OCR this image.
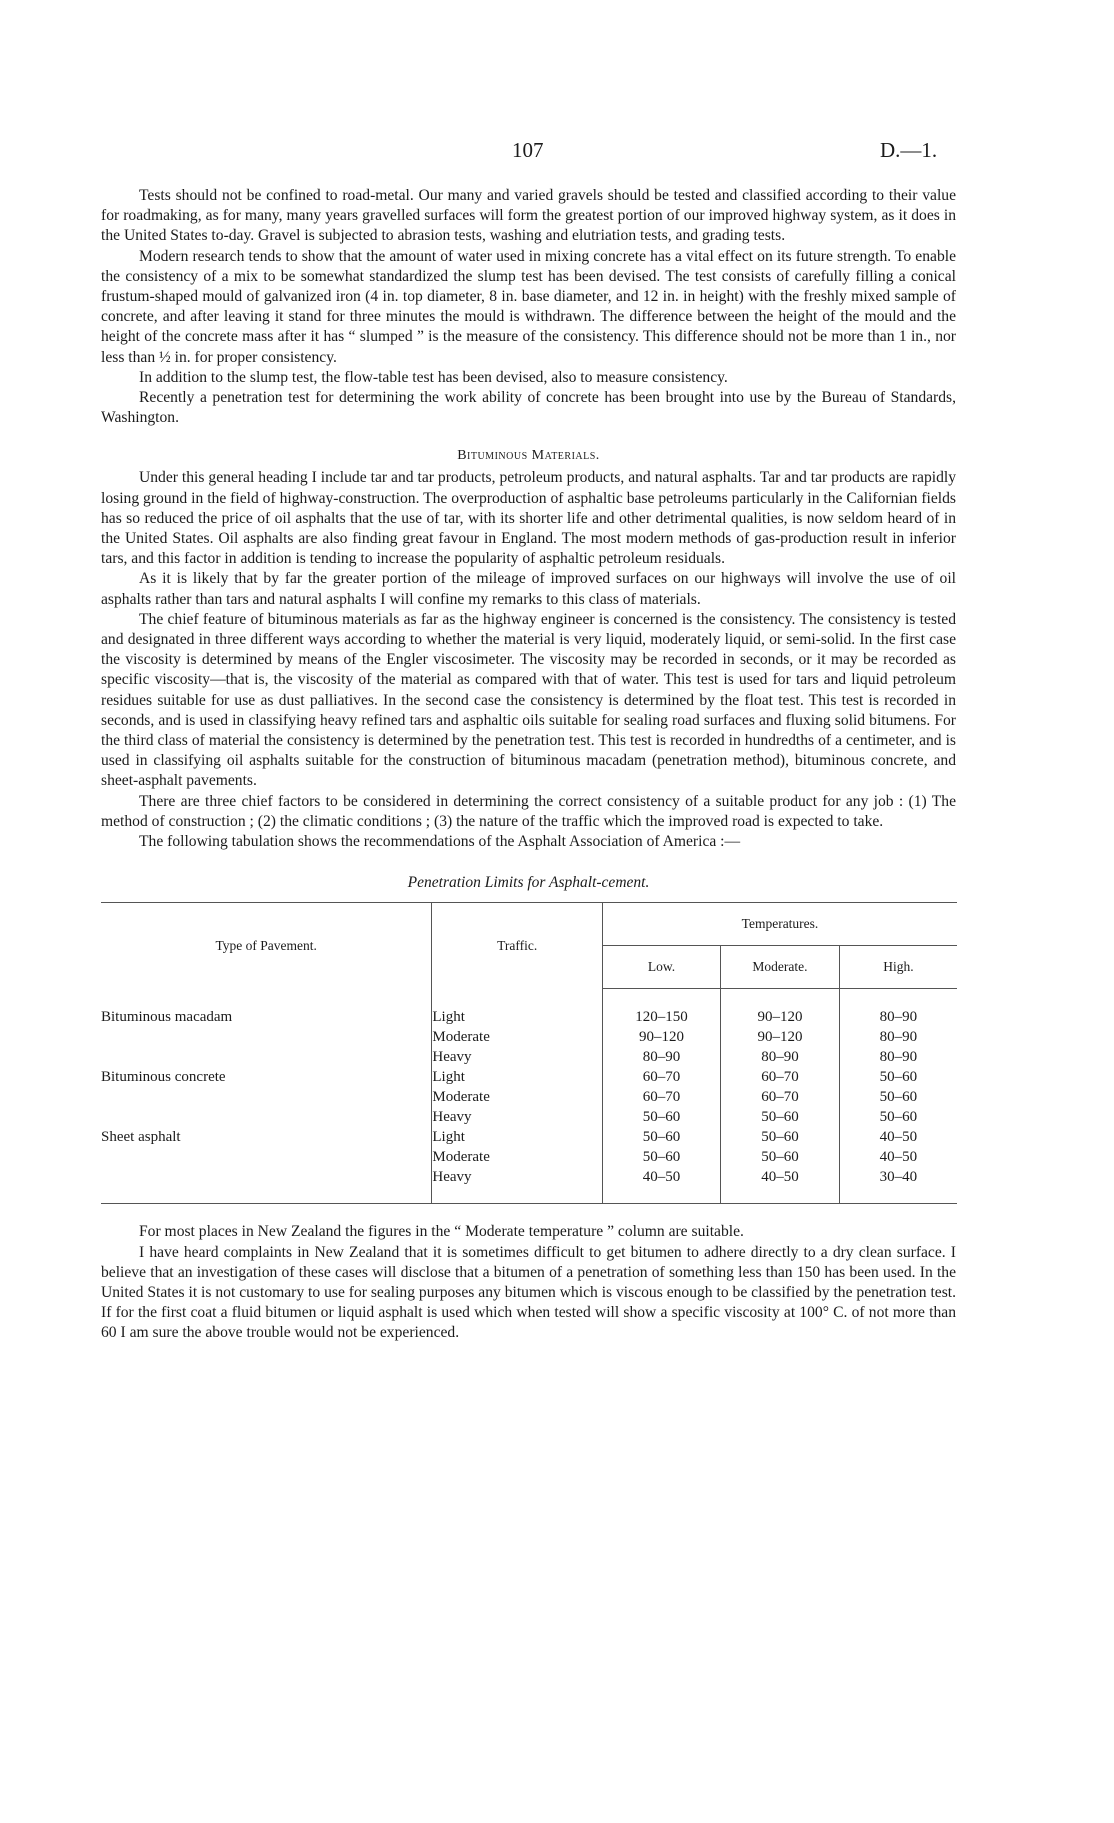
107	D.—1.

Tests should not be confined to road-metal. Our many and varied gravels should be tested and classified according to their value for roadmaking, as for many, many years gravelled surfaces will form the greatest portion of our improved highway system, as it does in the United States to-day. Gravel is subjected to abrasion tests, washing and elutriation tests, and grading tests.

Modern research tends to show that the amount of water used in mixing concrete has a vital effect on its future strength. To enable the consistency of a mix to be somewhat standardized the slump test has been devised. The test consists of carefully filling a conical frustum-shaped mould of galvanized iron (4 in. top diameter, 8 in. base diameter, and 12 in. in height) with the freshly mixed sample of concrete, and after leaving it stand for three minutes the mould is withdrawn. The difference between the height of the mould and the height of the concrete mass after it has “ slumped ” is the measure of the consistency. This difference should not be more than 1 in., nor less than ½ in. for proper consistency.

In addition to the slump test, the flow-table test has been devised, also to measure consistency.

Recently a penetration test for determining the work ability of concrete has been brought into use by the Bureau of Standards, Washington.

Bituminous Materials.

Under this general heading I include tar and tar products, petroleum products, and natural asphalts. Tar and tar products are rapidly losing ground in the field of highway-construction. The overproduction of asphaltic base petroleums particularly in the Californian fields has so reduced the price of oil asphalts that the use of tar, with its shorter life and other detrimental qualities, is now seldom heard of in the United States. Oil asphalts are also finding great favour in England. The most modern methods of gas-production result in inferior tars, and this factor in addition is tending to increase the popularity of asphaltic petroleum residuals.

As it is likely that by far the greater portion of the mileage of improved surfaces on our highways will involve the use of oil asphalts rather than tars and natural asphalts I will confine my remarks to this class of materials.

The chief feature of bituminous materials as far as the highway engineer is concerned is the consistency. The consistency is tested and designated in three different ways according to whether the material is very liquid, moderately liquid, or semi-solid. In the first case the viscosity is determined by means of the Engler viscosimeter. The viscosity may be recorded in seconds, or it may be recorded as specific viscosity—that is, the viscosity of the material as compared with that of water. This test is used for tars and liquid petroleum residues suitable for use as dust palliatives. In the second case the consistency is determined by the float test. This test is recorded in seconds, and is used in classifying heavy refined tars and asphaltic oils suitable for sealing road surfaces and fluxing solid bitumens. For the third class of material the consistency is determined by the penetration test. This test is recorded in hundredths of a centimeter, and is used in classifying oil asphalts suitable for the construction of bituminous macadam (penetration method), bituminous concrete, and sheet-asphalt pavements.

There are three chief factors to be considered in determining the correct consistency of a suitable product for any job : (1) The method of construction ; (2) the climatic conditions ; (3) the nature of the traffic which the improved road is expected to take.

The following tabulation shows the recommendations of the Asphalt Association of America :—

Penetration Limits for Asphalt-cement.
Type of Pavement.	Traffic.	Temperatures.		
		Low.	Moderate.	High.
Bituminous macadam	Light	120–150	90–120	80–90
	Moderate	90–120	90–120	80–90
	Heavy	80–90	80–90	80–90
Bituminous concrete	Light	60–70	60–70	50–60
	Moderate	60–70	60–70	50–60
	Heavy	50–60	50–60	50–60
Sheet asphalt	Light	50–60	50–60	40–50
	Moderate	50–60	50–60	40–50
	Heavy	40–50	40–50	30–40

For most places in New Zealand the figures in the “ Moderate temperature ” column are suitable.

I have heard complaints in New Zealand that it is sometimes difficult to get bitumen to adhere directly to a dry clean surface. I believe that an investigation of these cases will disclose that a bitumen of a penetration of something less than 150 has been used. In the United States it is not customary to use for sealing purposes any bitumen which is viscous enough to be classified by the penetration test. If for the first coat a fluid bitumen or liquid asphalt is used which when tested will show a specific viscosity at 100° C. of not more than 60 I am sure the above trouble would not be experienced.
